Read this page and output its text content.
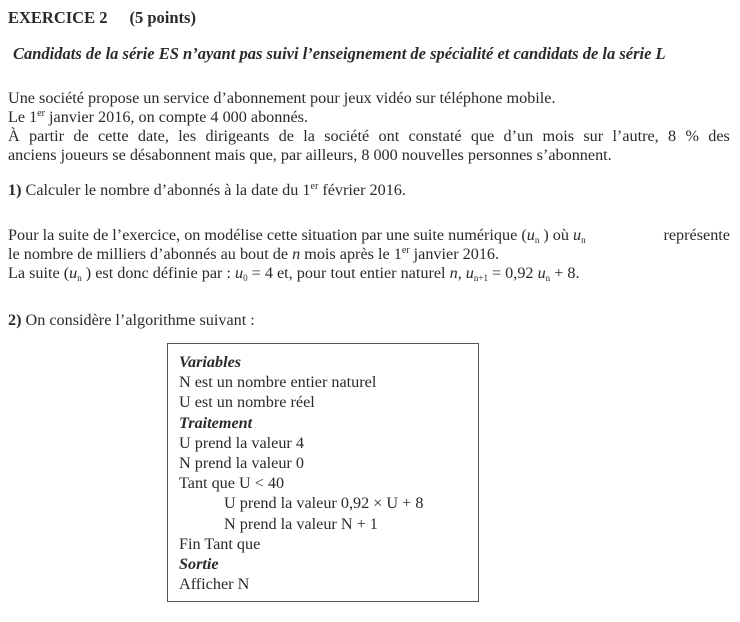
EXERCICE 2 (5 points)
Candidats de la série ES n’ayant pas suivi l’enseignement de spécialité et candidats de la série L
Une société propose un service d’abonnement pour jeux vidéo sur téléphone mobile.
Le 1er janvier 2016, on compte 4 000 abonnés.
À partir de cette date, les dirigeants de la société ont constaté que d’un mois sur l’autre, 8 % des
anciens joueurs se désabonnent mais que, par ailleurs, 8 000 nouvelles personnes s’abonnent.
1) Calculer le nombre d’abonnés à la date du 1er février 2016.
Pour la suite de l’exercice, on modélise cette situation par une suite numérique ($u_n$ ) où $u_n$	représente
le nombre de milliers d’abonnés au bout de n mois après le 1er janvier 2016.
La suite ($u_n$ ) est donc définie par : $u_0 = 4$ et, pour tout entier naturel n, $u_{n+1} = 0,92$ $u_n + 8$.
2) On considère l’algorithme suivant :
Variables
N est un nombre entier naturel
U est un nombre réel
Traitement
U prend la valeur 4
N prend la valeur 0
Tant que U < 40
U prend la valeur 0,92 × U + 8
N prend la valeur N + 1
Fin Tant que
Sortie
Afficher N
